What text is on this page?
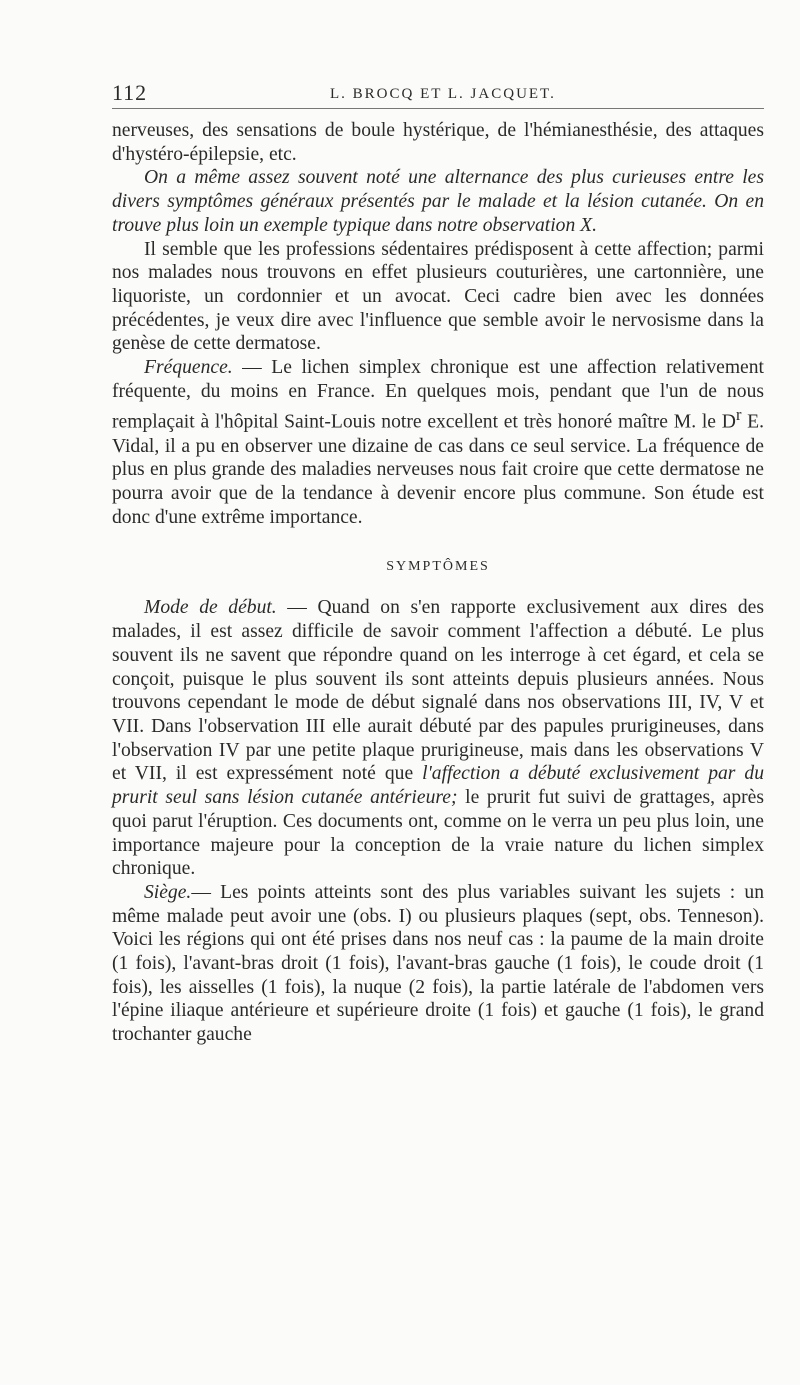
112	L. BROCQ ET L. JACQUET.

nerveuses, des sensations de boule hystérique, de l'hémianesthésie, des attaques d'hystéro-épilepsie, etc.

On a même assez souvent noté une alternance des plus curieuses entre les divers symptômes généraux présentés par le malade et la lésion cutanée. On en trouve plus loin un exemple typique dans notre observation X.

Il semble que les professions sédentaires prédisposent à cette affection; parmi nos malades nous trouvons en effet plusieurs couturières, une cartonnière, une liquoriste, un cordonnier et un avocat. Ceci cadre bien avec les données précédentes, je veux dire avec l'influence que semble avoir le nervosisme dans la genèse de cette dermatose.

Fréquence. — Le lichen simplex chronique est une affection relativement fréquente, du moins en France. En quelques mois, pendant que l'un de nous remplaçait à l'hôpital Saint-Louis notre excellent et très honoré maître M. le $D^r$ E. Vidal, il a pu en observer une dizaine de cas dans ce seul service. La fréquence de plus en plus grande des maladies nerveuses nous fait croire que cette dermatose ne pourra avoir que de la tendance à devenir encore plus commune. Son étude est donc d'une extrême importance.

SYMPTÔMES

Mode de début. — Quand on s'en rapporte exclusivement aux dires des malades, il est assez difficile de savoir comment l'affection a débuté. Le plus souvent ils ne savent que répondre quand on les interroge à cet égard, et cela se conçoit, puisque le plus souvent ils sont atteints depuis plusieurs années. Nous trouvons cependant le mode de début signalé dans nos observations III, IV, V et VII. Dans l'observation III elle aurait débuté par des papules prurigineuses, dans l'observation IV par une petite plaque prurigineuse, mais dans les observations V et VII, il est expressément noté que l'affection a débuté exclusivement par du prurit seul sans lésion cutanée antérieure; le prurit fut suivi de grattages, après quoi parut l'éruption. Ces documents ont, comme on le verra un peu plus loin, une importance majeure pour la conception de la vraie nature du lichen simplex chronique.

Siège.— Les points atteints sont des plus variables suivant les sujets : un même malade peut avoir une (obs. I) ou plusieurs plaques (sept, obs. Tenneson). Voici les régions qui ont été prises dans nos neuf cas : la paume de la main droite (1 fois), l'avant-bras droit (1 fois), l'avant-bras gauche (1 fois), le coude droit (1 fois), les aisselles (1 fois), la nuque (2 fois), la partie latérale de l'abdomen vers l'épine iliaque antérieure et supérieure droite (1 fois) et gauche (1 fois), le grand trochanter gauche
